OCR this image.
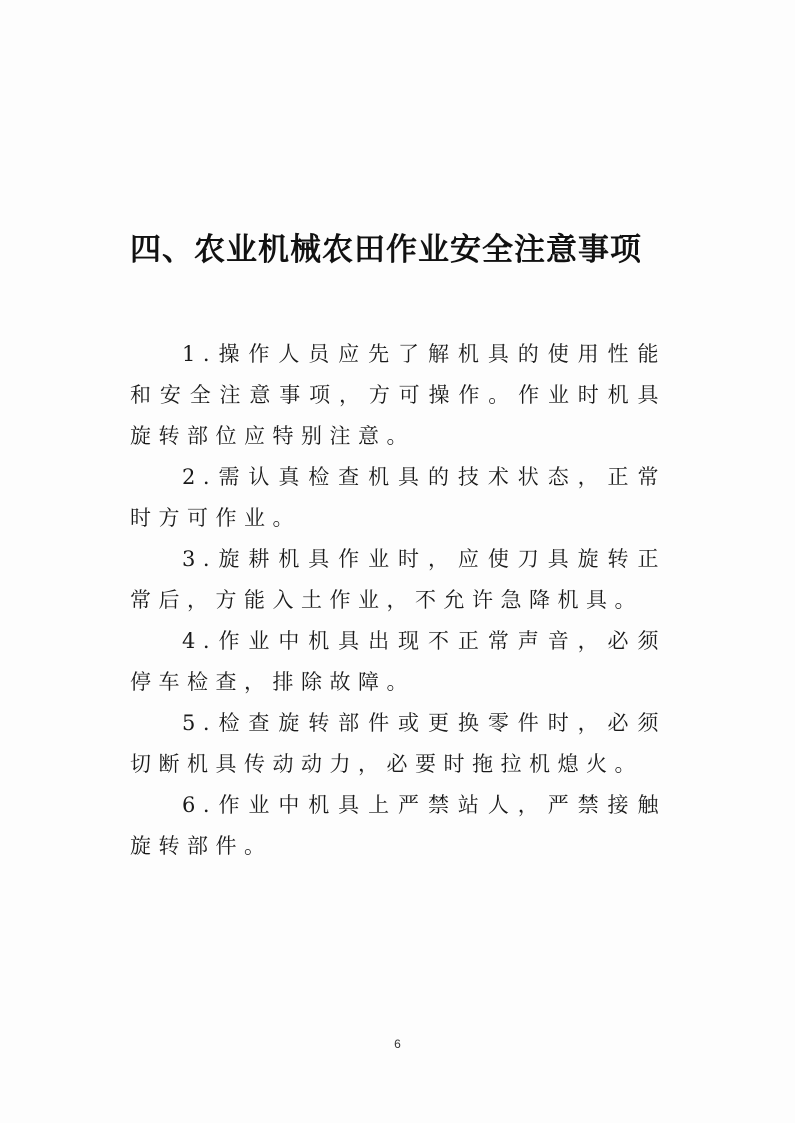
四、农业机械农田作业安全注意事项

1.操作人员应先了解机具的使用性能和安全注意事项，方可操作。作业时机具旋转部位应特别注意。

2.需认真检查机具的技术状态，正常时方可作业。

3.旋耕机具作业时，应使刀具旋转正常后，方能入土作业，不允许急降机具。

4.作业中机具出现不正常声音，必须停车检查，排除故障。

5.检查旋转部件或更换零件时，必须切断机具传动动力，必要时拖拉机熄火。

6.作业中机具上严禁站人，严禁接触旋转部件。

6
